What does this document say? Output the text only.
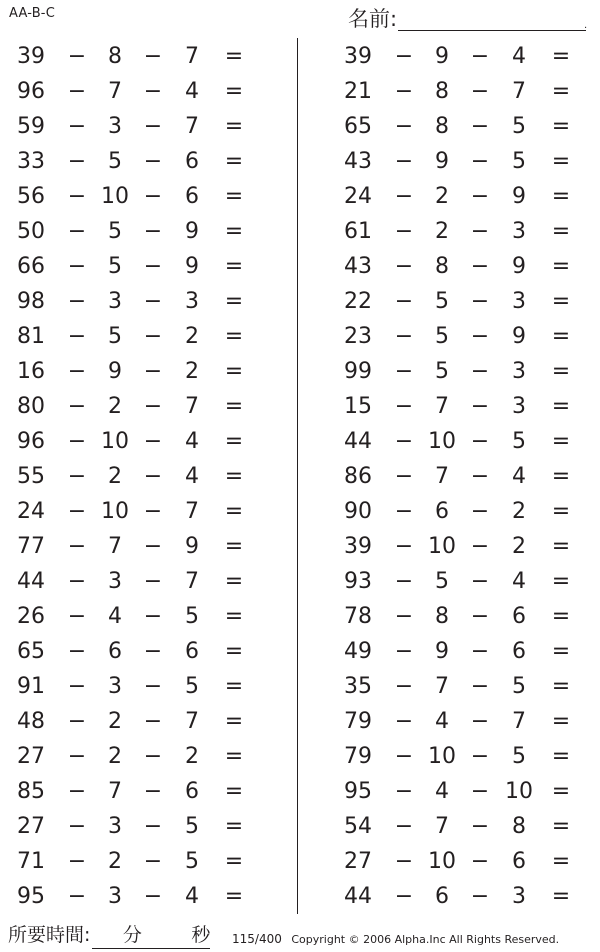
AA-B-C	名前:	.
39	− 8 −	7	=
96	− 7 −	4	=
59	− 3 −	7	=
33	− 5 −	6	=
56	− 10 −	6	=
50	− 5 −	9	=
66	− 5 −	9	=
98	− 3 −	3	=
81	− 5 −	2	=
16	− 9 −	2	=
80	− 2 −	7	=
96	− 10 −	4	=
55	− 2 −	4	=
24	− 10 −	7	=
77	− 7 −	9	=
44	− 3 −	7	=
26	− 4 −	5	=
65	− 6 −	6	=
91	− 3 −	5	=
48	− 2 −	7	=
27	− 2 −	2	=
85	− 7 −	6	=
27	− 3 −	5	=
71	− 2 −	5	=
95	− 3 −	4	=
39	− 9 −	4	=
21	− 8 −	7	=
65	− 8 −	5	=
43	− 9 −	5	=
24	− 2 −	9	=
61	− 2 −	3	=
43	− 8 −	9	=
22	− 5 −	3	=
23	− 5 −	9	=
99	− 5 −	3	=
15	− 7 −	3	=
44	− 10 −	5	=
86	− 7 −	4	=
90	− 6 −	2	=
39	− 10 −	2	=
93	− 5 −	4	=
78	− 8 −	6	=
49	− 9 −	6	=
35	− 7 −	5	=
79	− 4 −	7	=
79	− 10 −	5	=
95	− 4 − 10 =
54	− 7 −	8	=
27	− 10 −	6	=
44	− 6 −	3	=
所要時間: 分	秒 115/400 Copyright © 2006 Alpha.Inc All Rights Reserved.
